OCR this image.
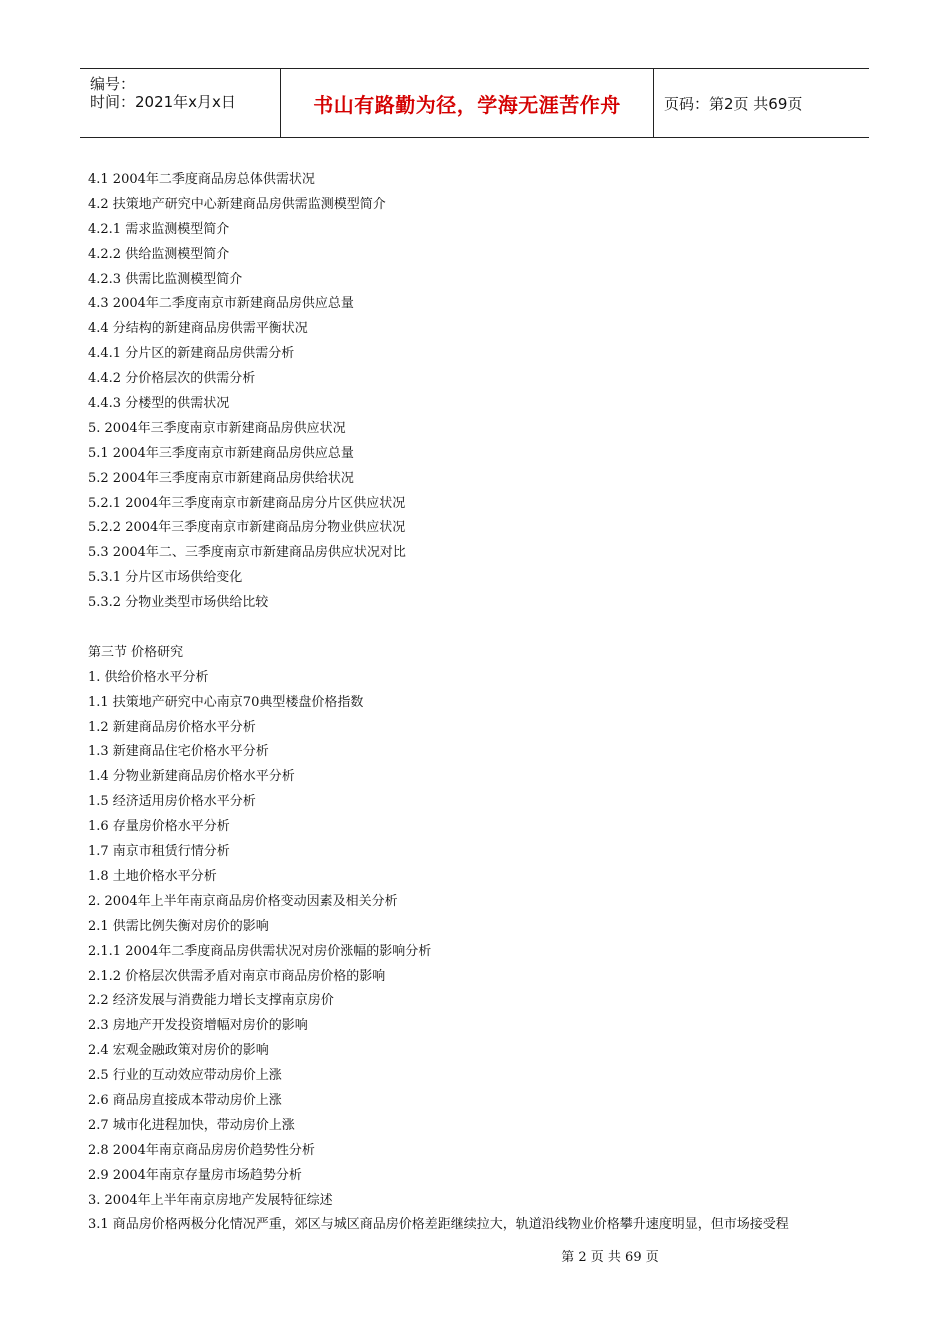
编号：
时间：2021年x月x日	书山有路勤为径，学海无涯苦作舟	页码：第2页 共69页
4.1 2004年二季度商品房总体供需状况
4.2 扶策地产研究中心新建商品房供需监测模型简介
4.2.1 需求监测模型简介
4.2.2 供给监测模型简介
4.2.3 供需比监测模型简介
4.3 2004年二季度南京市新建商品房供应总量
4.4 分结构的新建商品房供需平衡状况
4.4.1 分片区的新建商品房供需分析
4.4.2 分价格层次的供需分析
4.4.3 分楼型的供需状况
5. 2004年三季度南京市新建商品房供应状况
5.1 2004年三季度南京市新建商品房供应总量
5.2 2004年三季度南京市新建商品房供给状况
5.2.1 2004年三季度南京市新建商品房分片区供应状况
5.2.2 2004年三季度南京市新建商品房分物业供应状况
5.3 2004年二、三季度南京市新建商品房供应状况对比
5.3.1 分片区市场供给变化
5.3.2 分物业类型市场供给比较
第三节 价格研究
1. 供给价格水平分析
1.1 扶策地产研究中心南京70典型楼盘价格指数
1.2 新建商品房价格水平分析
1.3 新建商品住宅价格水平分析
1.4 分物业新建商品房价格水平分析
1.5 经济适用房价格水平分析
1.6 存量房价格水平分析
1.7 南京市租赁行情分析
1.8 土地价格水平分析
2. 2004年上半年南京商品房价格变动因素及相关分析
2.1 供需比例失衡对房价的影响
2.1.1 2004年二季度商品房供需状况对房价涨幅的影响分析
2.1.2 价格层次供需矛盾对南京市商品房价格的影响
2.2 经济发展与消费能力增长支撑南京房价
2.3 房地产开发投资增幅对房价的影响
2.4 宏观金融政策对房价的影响
2.5 行业的互动效应带动房价上涨
2.6 商品房直接成本带动房价上涨
2.7 城市化进程加快，带动房价上涨
2.8 2004年南京商品房房价趋势性分析
2.9 2004年南京存量房市场趋势分析
3. 2004年上半年南京房地产发展特征综述
3.1 商品房价格两极分化情况严重，郊区与城区商品房价格差距继续拉大，轨道沿线物业价格攀升速度明显，但市场接受程
第 2 页 共 69 页
